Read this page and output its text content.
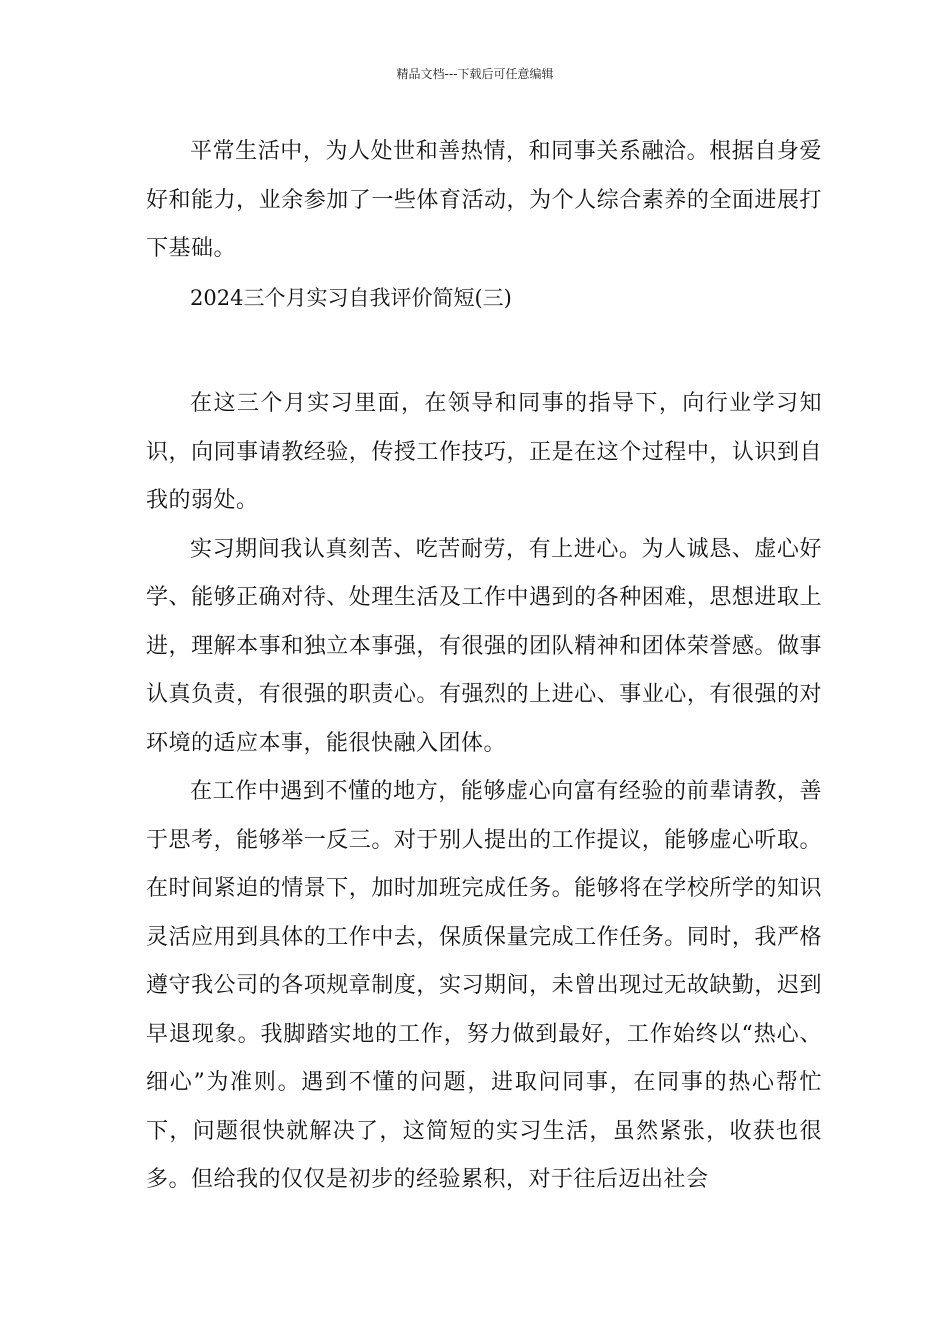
精品文档---下载后可任意编辑

平常生活中，为人处世和善热情，和同事关系融洽。根据自身爱好和能力，业余参加了一些体育活动，为个人综合素养的全面进展打下基础。

2024三个月实习自我评价简短(三)

在这三个月实习里面，在领导和同事的指导下，向行业学习知识，向同事请教经验，传授工作技巧，正是在这个过程中，认识到自我的弱处。

实习期间我认真刻苦、吃苦耐劳，有上进心。为人诚恳、虚心好学、能够正确对待、处理生活及工作中遇到的各种困难，思想进取上进，理解本事和独立本事强，有很强的团队精神和团体荣誉感。做事认真负责，有很强的职责心。有强烈的上进心、事业心，有很强的对环境的适应本事，能很快融入团体。

在工作中遇到不懂的地方，能够虚心向富有经验的前辈请教，善于思考，能够举一反三。对于别人提出的工作提议，能够虚心听取。在时间紧迫的情景下，加时加班完成任务。能够将在学校所学的知识灵活应用到具体的工作中去，保质保量完成工作任务。同时，我严格遵守我公司的各项规章制度，实习期间，未曾出现过无故缺勤，迟到早退现象。我脚踏实地的工作，努力做到最好，工作始终以“热心、细心”为准则。遇到不懂的问题，进取问同事，在同事的热心帮忙下，问题很快就解决了，这简短的实习生活，虽然紧张，收获也很多。但给我的仅仅是初步的经验累积，对于往后迈出社会
